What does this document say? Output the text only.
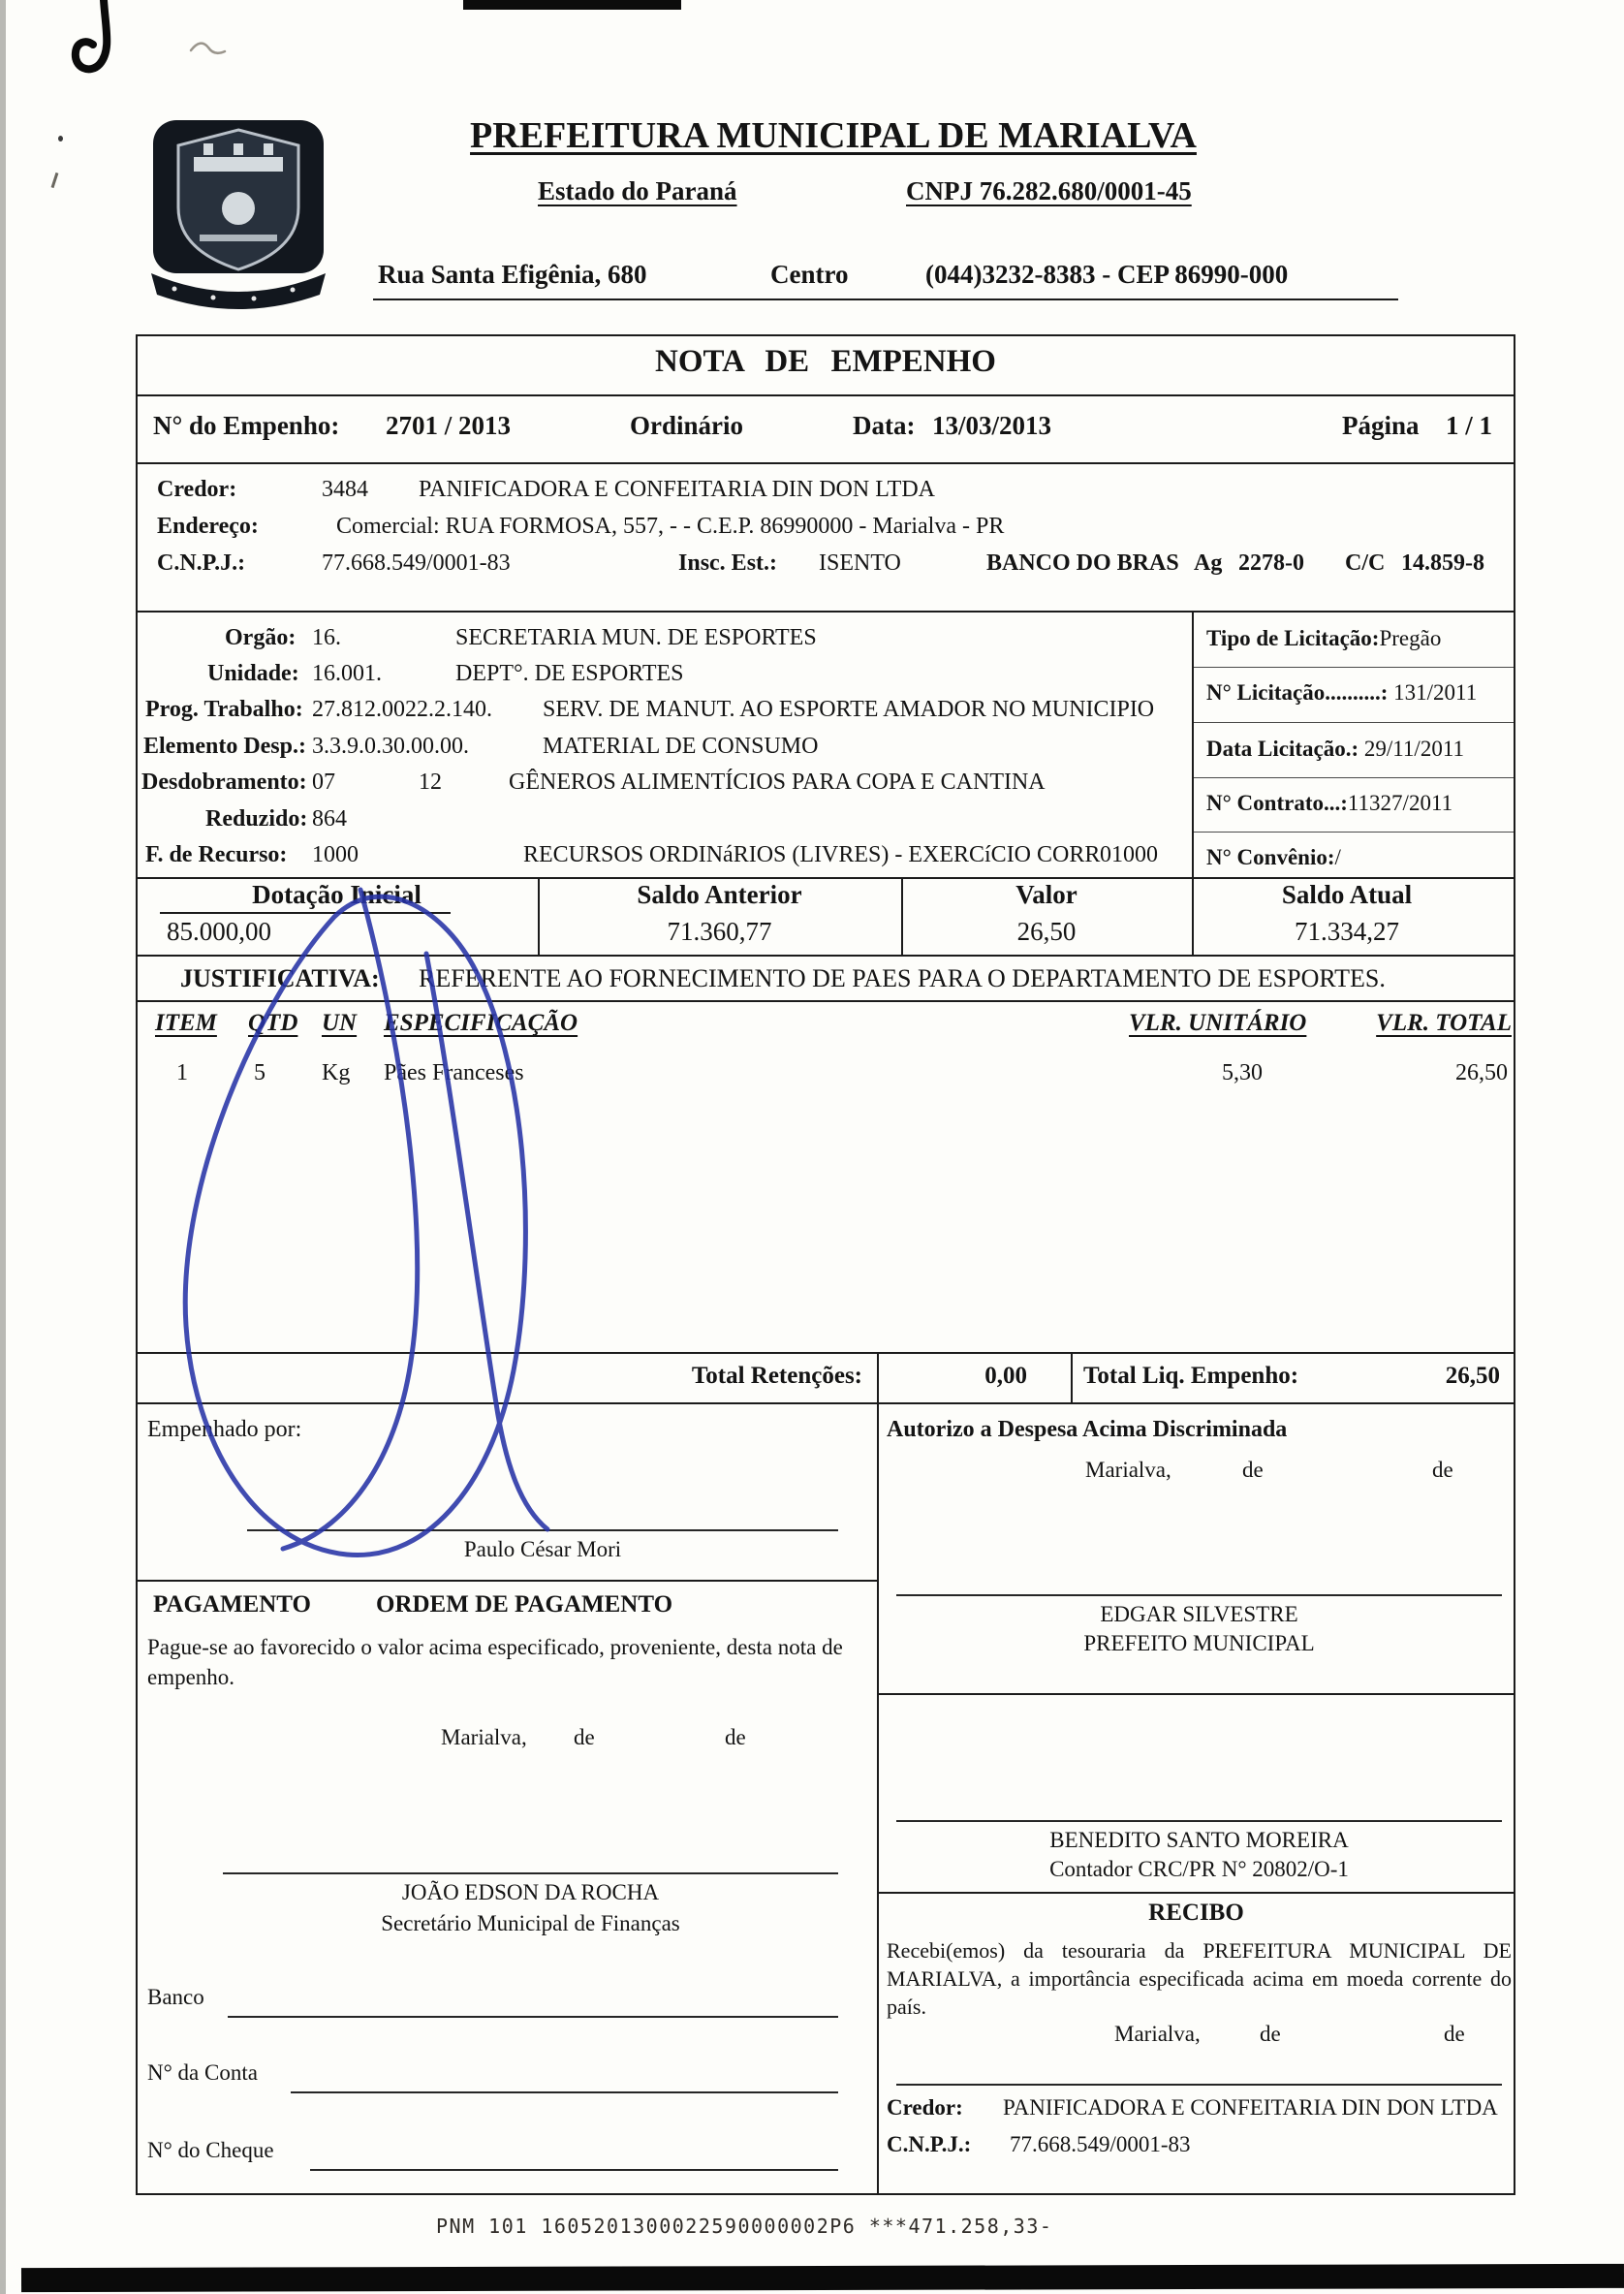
PREFEITURA MUNICIPAL DE MARIALVA
Estado do Paraná	CNPJ 76.282.680/0001-45
Rua Santa Efigênia, 680	Centro	(044)3232-8383 - CEP 86990-000
NOTA DE EMPENHO
N° do Empenho: 2701 / 2013	Ordinário	Data: 13/03/2013	Página 1 / 1
Credor:	3484 PANIFICADORA E CONFEITARIA DIN DON LTDA
Endereço:	Comercial: RUA FORMOSA, 557, - - C.E.P. 86990000 - Marialva - PR
C.N.P.J.:	77.668.549/0001-83	Insc. Est.: ISENTO	BANCO DO BRAS Ag 2278-0 C/C 14.859-8
Orgão: 16.	SECRETARIA MUN. DE ESPORTES
Unidade: 16.001.	DEPT°. DE ESPORTES
Prog. Trabalho: 27.812.0022.2.140. SERV. DE MANUT. AO ESPORTE AMADOR NO MUNICIPIO
Elemento Desp.: 3.3.9.0.30.00.00.	MATERIAL DE CONSUMO
Desdobramento: 07	12	GÊNEROS ALIMENTÍCIOS PARA COPA E CANTINA
Reduzido: 864
F. de Recurso: 1000	RECURSOS ORDINáRIOS (LIVRES) - EXERCíCIO CORR 01000
Tipo de Licitação:Pregão
N° Licitação..........: 131/2011
Data Licitação.: 29/11/2011
N° Contrato...:11327/2011
N° Convênio:/
Dotação Inicial	Saldo Anterior	Valor	Saldo Atual
85.000,00	71.360,77	26,50	71.334,27
JUSTIFICATIVA: REFERENTE AO FORNECIMENTO DE PAES PARA O DEPARTAMENTO DE ESPORTES.
ITEM QTD UN ESPECIFICAÇÃO	VLR. UNITÁRIO	VLR. TOTAL
1	5 Kg Pães Franceses	5,30	26,50
Total Retenções:	0,00 Total Liq. Empenho:	26,50
Empenhado por:
Paulo César Mori
PAGAMENTO	ORDEM DE PAGAMENTO
Pague-se ao favorecido o valor acima especificado, proveniente, desta nota de empenho.
Marialva, de	de
JOÃO EDSON DA ROCHA
Secretário Municipal de Finanças
Banco
N° da Conta
N° do Cheque
Autorizo a Despesa Acima Discriminada
Marialva,	de	de
EDGAR SILVESTRE
PREFEITO MUNICIPAL
BENEDITO SANTO MOREIRA
Contador CRC/PR N° 20802/O-1
RECIBO
Recebi(emos) da tesouraria da PREFEITURA MUNICIPAL DE MARIALVA, a importância especificada acima em moeda corrente do país.
Marialva,	de	de
Credor: PANIFICADORA E CONFEITARIA DIN DON LTDA
C.N.P.J.: 77.668.549/0001-83
PNM 101 1605201300022590000002P6 ***471.258,33-
